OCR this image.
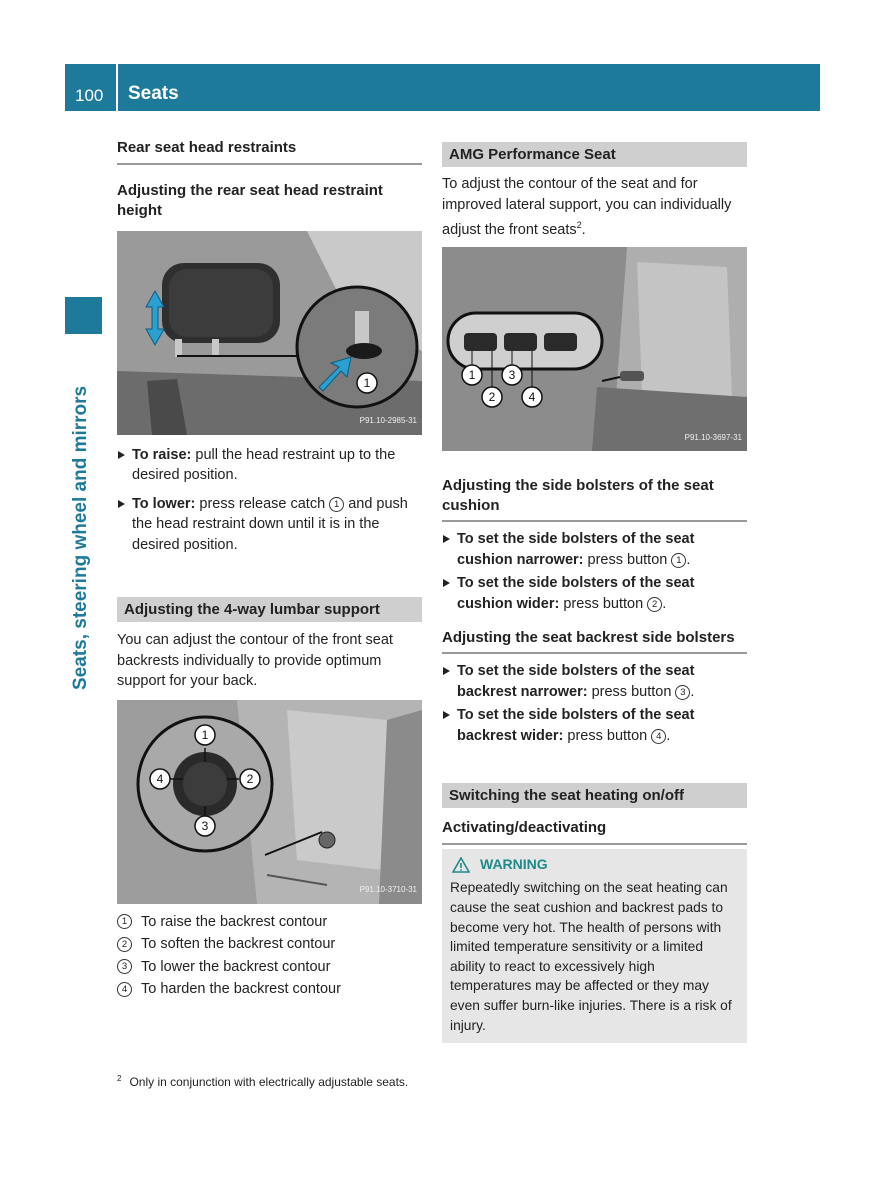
100 Seats
Seats, steering wheel and mirrors
Rear seat head restraints
Adjusting the rear seat head restraint height
1
P91.10-2985-31

To raise: pull the head restraint up to the desired position.

To lower: press release catch 1 and push the head restraint down until it is in the desired position.

Adjusting the 4-way lumbar support

You can adjust the contour of the front seat backrests individually to provide optimum support for your back.

1
2
3
4
P91.10-3710-31
1 To raise the backrest contour
2 To soften the backrest contour
3 To lower the backrest contour
4 To harden the backrest contour
AMG Performance Seat

To adjust the contour of the seat and for improved lateral support, you can individually adjust the front seats$^2$.

1
2
3
4
P91.10-3697-31
Adjusting the side bolsters of the seat cushion

To set the side bolsters of the seat cushion narrower: press button 1 .

To set the side bolsters of the seat cushion wider: press button 2 .

Adjusting the seat backrest side bolsters

To set the side bolsters of the seat backrest narrower: press button 3 .

To set the side bolsters of the seat backrest wider: press button 4 .

Switching the seat heating on/off
Activating/deactivating
WARNING

Repeatedly switching on the seat heating can cause the seat cushion and backrest pads to become very hot. The health of persons with limited temperature sensitivity or a limited ability to react to excessively high temperatures may be affected or they may even suffer burn-like injuries. There is a risk of injury.

$^2$ Only in conjunction with electrically adjustable seats.
